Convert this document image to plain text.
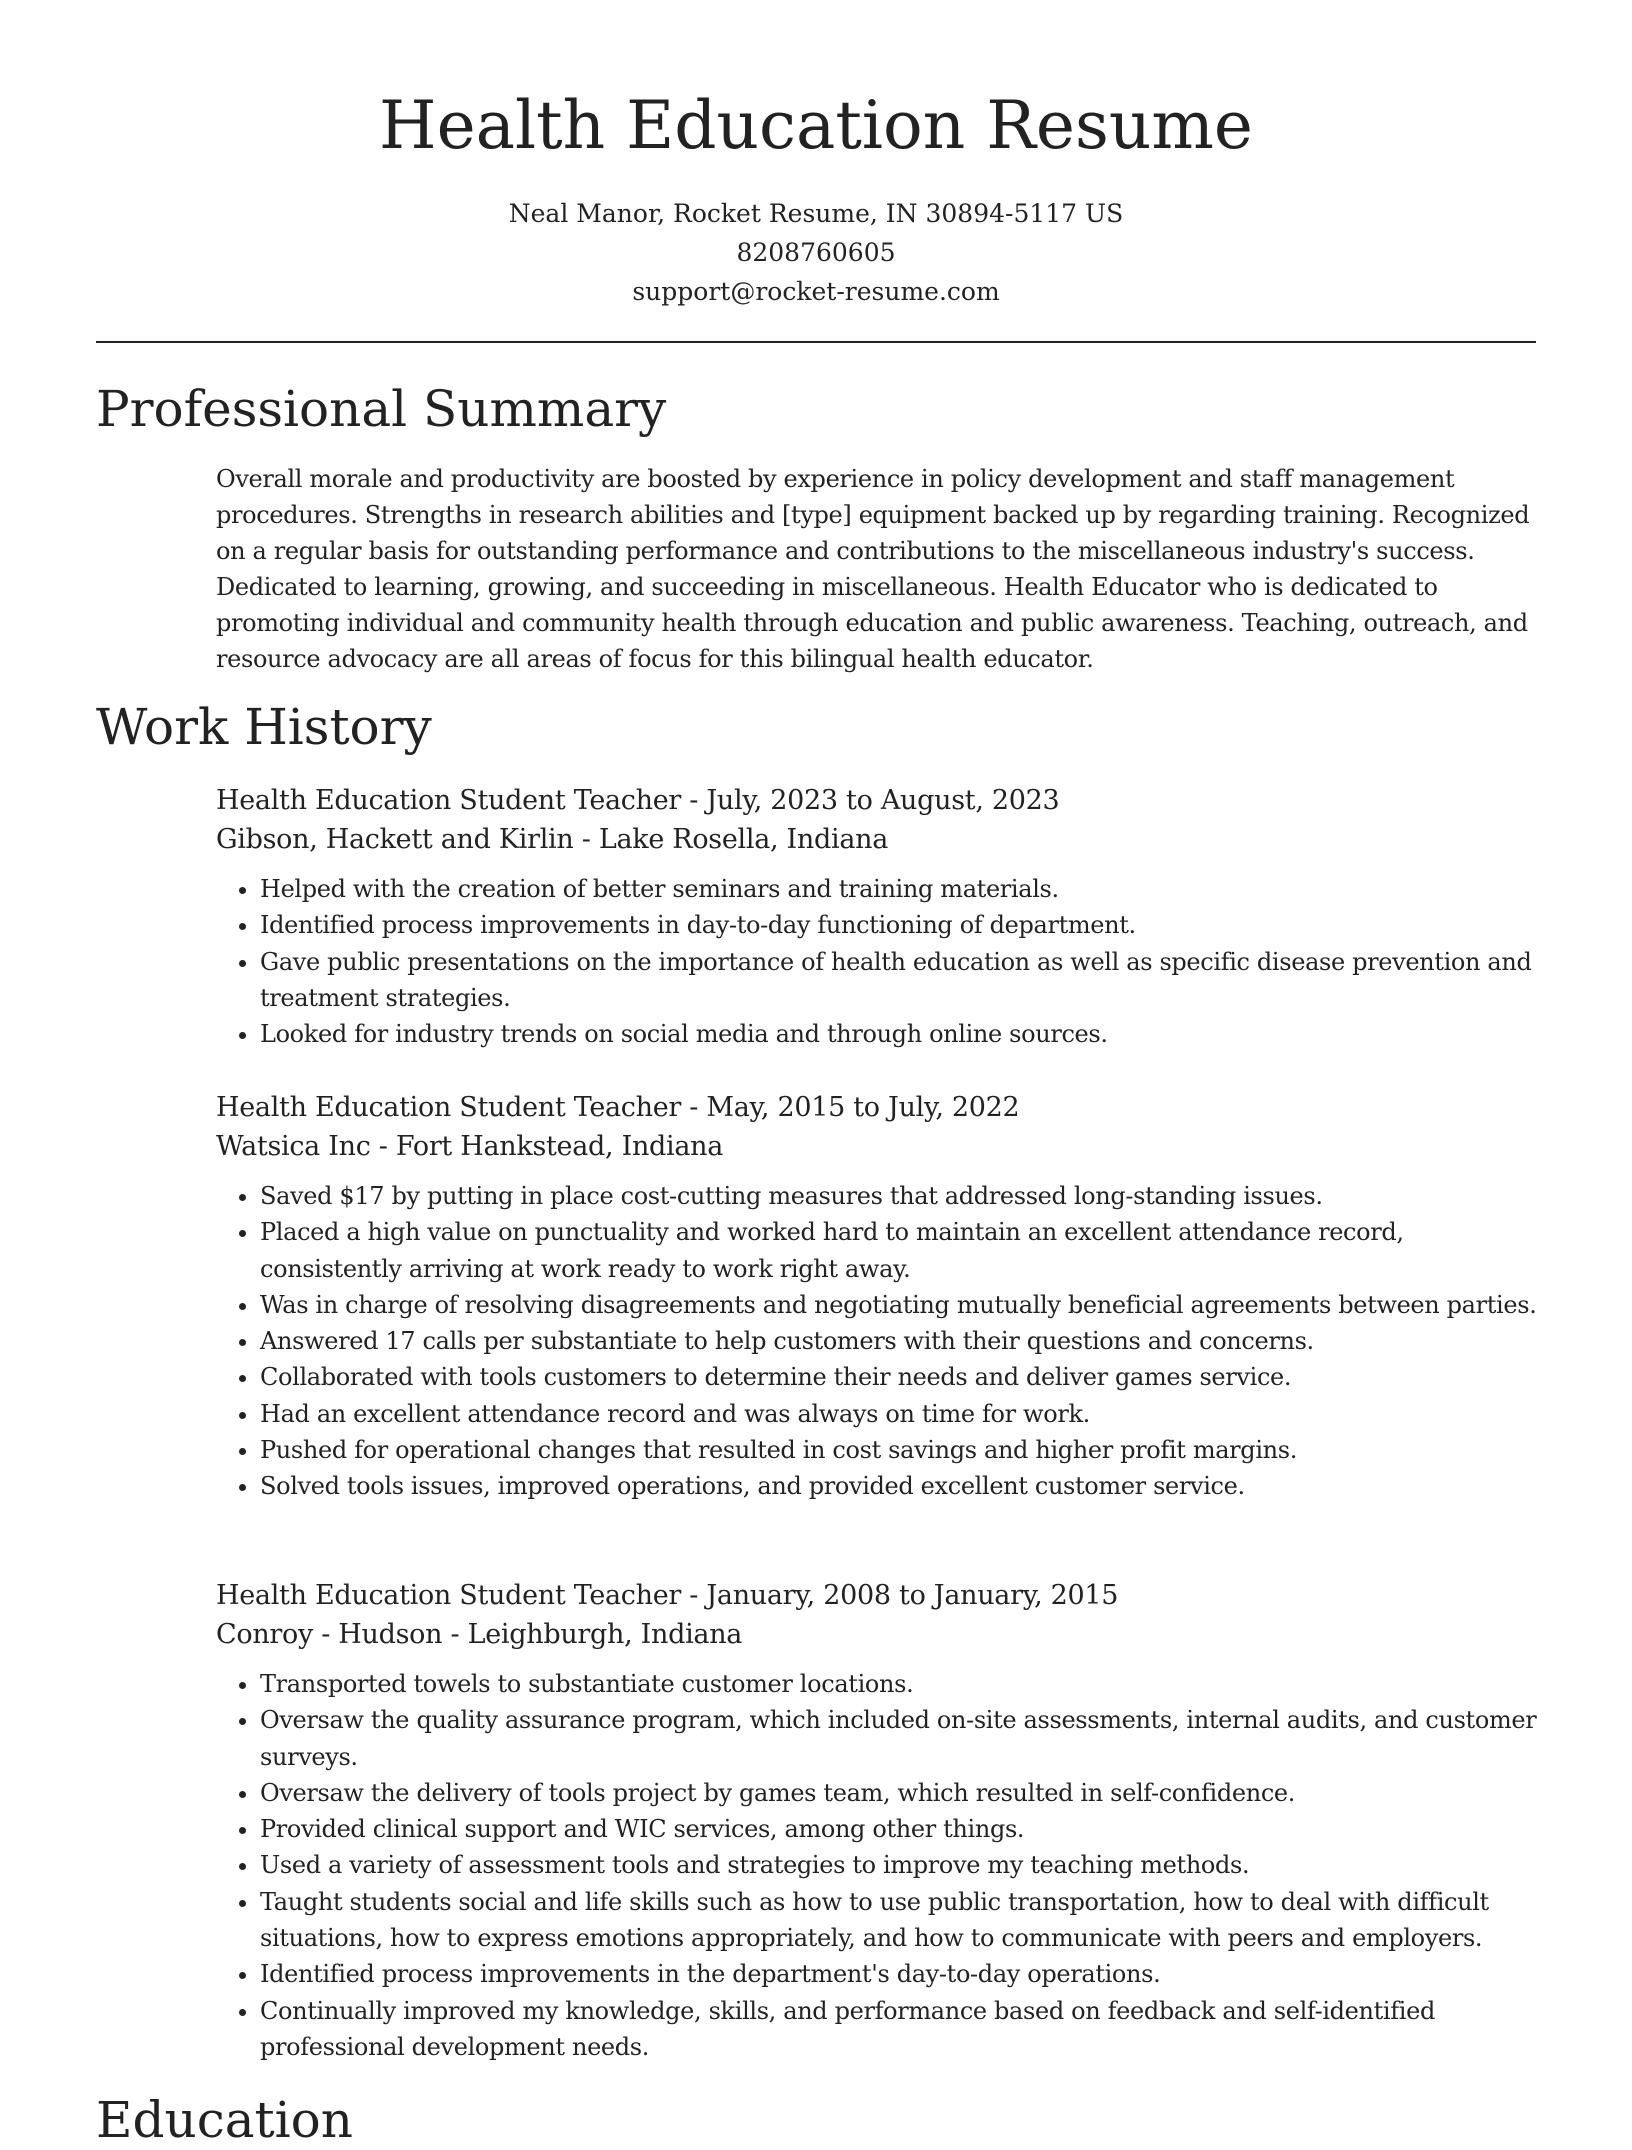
Health Education Resume
Neal Manor, Rocket Resume, IN 30894-5117 US
8208760605
support@rocket-resume.com
Professional Summary

Overall morale and productivity are boosted by experience in policy development and staff management procedures. Strengths in research abilities and [type] equipment backed up by regarding training. Recognized on a regular basis for outstanding performance and contributions to the miscellaneous industry's success. Dedicated to learning, growing, and succeeding in miscellaneous. Health Educator who is dedicated to promoting individual and community health through education and public awareness. Teaching, outreach, and resource advocacy are all areas of focus for this bilingual health educator.

Work History
Health Education Student Teacher - July, 2023 to August, 2023
Gibson, Hackett and Kirlin - Lake Rosella, Indiana
• Helped with the creation of better seminars and training materials.
• Identified process improvements in day-to-day functioning of department.
• Gave public presentations on the importance of health education as well as specific disease prevention and treatment strategies.
• Looked for industry trends on social media and through online sources.
Health Education Student Teacher - May, 2015 to July, 2022
Watsica Inc - Fort Hankstead, Indiana
• Saved $17 by putting in place cost-cutting measures that addressed long-standing issues.
• Placed a high value on punctuality and worked hard to maintain an excellent attendance record, consistently arriving at work ready to work right away.
• Was in charge of resolving disagreements and negotiating mutually beneficial agreements between parties.
• Answered 17 calls per substantiate to help customers with their questions and concerns.
• Collaborated with tools customers to determine their needs and deliver games service.
• Had an excellent attendance record and was always on time for work.
• Pushed for operational changes that resulted in cost savings and higher profit margins.
• Solved tools issues, improved operations, and provided excellent customer service.
Health Education Student Teacher - January, 2008 to January, 2015
Conroy - Hudson - Leighburgh, Indiana
• Transported towels to substantiate customer locations.
• Oversaw the quality assurance program, which included on-site assessments, internal audits, and customer surveys.
• Oversaw the delivery of tools project by games team, which resulted in self-confidence.
• Provided clinical support and WIC services, among other things.
• Used a variety of assessment tools and strategies to improve my teaching methods.
• Taught students social and life skills such as how to use public transportation, how to deal with difficult situations, how to express emotions appropriately, and how to communicate with peers and employers.
• Identified process improvements in the department's day-to-day operations.
• Continually improved my knowledge, skills, and performance based on feedback and self-identified professional development needs.
Education
